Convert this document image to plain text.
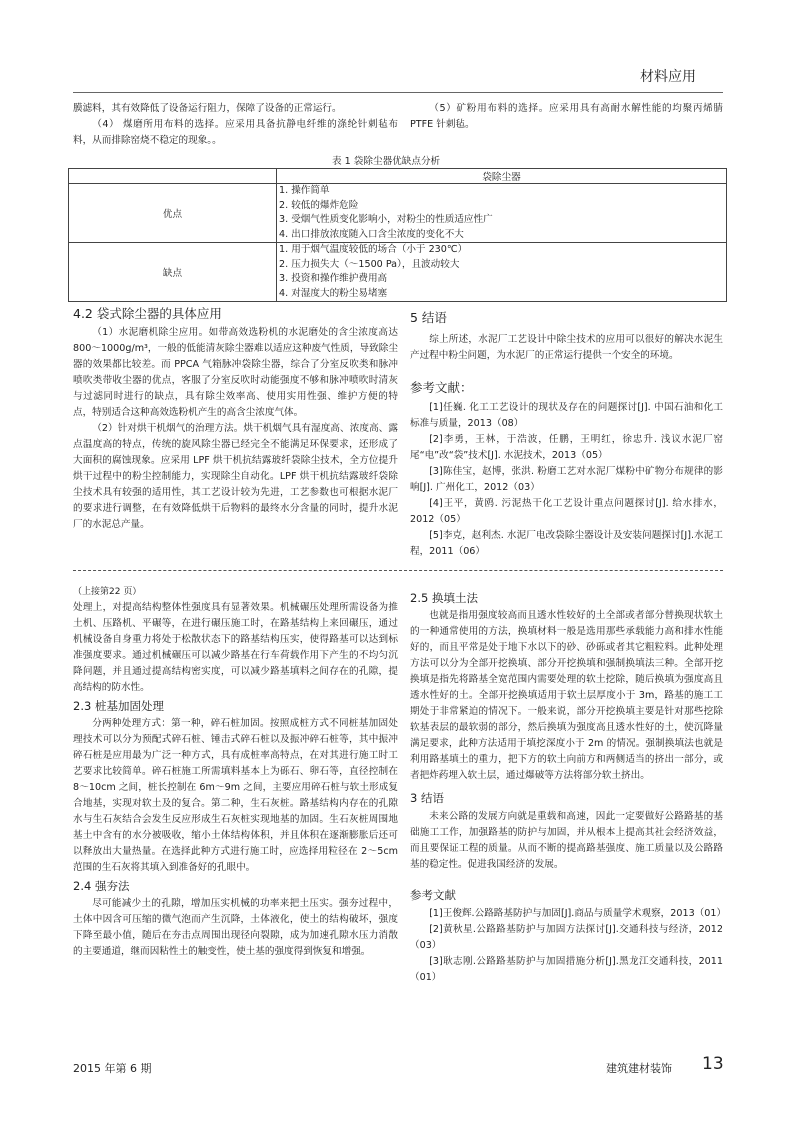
材料应用

膜滤料，其有效降低了设备运行阻力，保障了设备的正常运行。

（4） 煤磨所用布料的选择。应采用具备抗静电纤维的涤纶针刺毡布料，从而排除窑烧不稳定的现象。。

（5）矿粉用布料的选择。应采用具有高耐水解性能的均聚丙烯腈 PTFE 针刺毡。

表 1 袋除尘器优缺点分析
	袋除尘器
优点	1. 操作简单
2. 较低的爆炸危险
3. 受烟气性质变化影响小，对粉尘的性质适应性广
4. 出口排放浓度随入口含尘浓度的变化不大

缺点	1. 用于烟气温度较低的场合（小于 230℃）
2. 压力损失大（～1500 Pa），且波动较大
3. 投资和操作维护费用高
4. 对湿度大的粉尘易堵塞

4.2 袋式除尘器的具体应用

（1）水泥磨机除尘应用。如带高效选粉机的水泥磨处的含尘浓度高达 800～1000g/m³，一般的低能清灰除尘器难以适应这种废气性质，导致除尘器的效果都比较差。而 PPCA 气箱脉冲袋除尘器，综合了分室反吹类和脉冲喷吹类带收尘器的优点，客服了分室反吹时动能强度不够和脉冲喷吹时清灰与过滤同时进行的缺点，具有除尘效率高、使用实用性强、维护方便的特点，特别适合这种高效选粉机产生的高含尘浓度气体。

（2）针对烘干机烟气的治理方法。烘干机烟气具有湿度高、浓度高、露点温度高的特点，传统的旋风除尘器已经完全不能满足环保要求，还形成了大面积的腐蚀现象。应采用 LPF 烘干机抗结露玻纤袋除尘技术，全方位提升烘干过程中的粉尘控制能力，实现除尘自动化。LPF 烘干机抗结露玻纤袋除尘技术具有较强的适用性，其工艺设计较为先进，工艺参数也可根据水泥厂的要求进行调整，在有效降低烘干后物料的最终水分含量的同时，提升水泥厂的水泥总产量。

5 结语

综上所述，水泥厂工艺设计中除尘技术的应用可以很好的解决水泥生产过程中粉尘问题，为水泥厂的正常运行提供一个安全的环境。

参考文献：

[1]任巍. 化工工艺设计的现状及存在的问题探讨[J]. 中国石油和化工标准与质量，2013（08）

[2]李勇，王林，于浩波，任鹏，王明红，徐忠升. 浅议水泥厂窑尾“电”改“袋”技术[J]. 水泥技术，2013（05）

[3]陈佳宝，赵博，张洪. 粉磨工艺对水泥厂煤粉中矿物分布规律的影响[J]. 广州化工，2012（03）

[4]王平，黄鸥. 污泥热干化工艺设计重点问题探讨[J]. 给水排水，2012（05）

[5]李克，赵利杰. 水泥厂电改袋除尘器设计及安装问题探讨[J].水泥工程，2011（06）

（上接第22 页）

处理上，对提高结构整体性强度具有显著效果。机械碾压处理所需设备为推土机、压路机、平碾等，在进行碾压施工时，在路基结构上来回碾压，通过机械设备自身重力将处于松散状态下的路基结构压实，使得路基可以达到标准强度要求。通过机械碾压可以减少路基在行车荷载作用下产生的不均匀沉降问题，并且通过提高结构密实度，可以减少路基填料之间存在的孔隙，提高结构的防水性。

2.3 桩基加固处理

分两种处理方式：第一种，碎石桩加固。按照成桩方式不同桩基加固处理技术可以分为预配式碎石桩、锤击式碎石桩以及振冲碎石桩等，其中振冲碎石桩是应用最为广泛一种方式，具有成桩率高特点，在对其进行施工时工艺要求比较简单。碎石桩施工所需填料基本上为砾石、卵石等，直径控制在 8～10cm 之间，桩长控制在 6m～9m 之间，主要应用碎石桩与软土形成复合地基，实现对软土及的复合。第二种，生石灰桩。路基结构内存在的孔隙水与生石灰结合会发生反应形成生石灰桩实现地基的加固。生石灰桩周围地基土中含有的水分被吸收，缩小土体结构体积，并且体积在逐渐膨胀后还可以释放出大量热量。在选择此种方式进行施工时，应选择用粒径在 2～5cm 范围的生石灰将其填入到准备好的孔眼中。

2.4 强夯法

尽可能减少土的孔隙，增加压实机械的功率来把土压实。强夯过程中，土体中因含可压缩的微气泡而产生沉降，土体液化，使土的结构破坏，强度下降至最小值，随后在夯击点周围出现径向裂隙，成为加速孔隙水压力消散的主要通道，继而因粘性土的触变性，使土基的强度得到恢复和增强。

2.5 换填土法

也就是指用强度较高而且透水性较好的土全部或者部分替换现状软土的一种通常使用的方法，换填材料一般是选用那些承载能力高和排水性能好的，而且平常是处于地下水以下的砂、砂砾或者其它粗粒料。此种处理方法可以分为全部开挖换填、部分开挖换填和强制换填法三种。全部开挖换填是指先将路基全宽范围内需要处理的软土挖除，随后换填为强度高且透水性好的土。全部开挖换填适用于软土层厚度小于 3m，路基的施工工期处于非常紧迫的情况下。一般来说，部分开挖换填主要是针对那些挖除软基表层的最软弱的部分，然后换填为强度高且透水性好的土，使沉降量满足要求，此种方法适用于填挖深度小于 2m 的情况。强制换填法也就是利用路基填土的重力，把下方的软土向前方和两侧适当的挤出一部分，或者把炸药埋入软土层，通过爆破等方法将部分软土挤出。

3 结语

未来公路的发展方向就是重载和高速，因此一定要做好公路路基的基础施工工作，加强路基的防护与加固，并从根本上提高其社会经济效益，而且要保证工程的质量。从而不断的提高路基强度、施工质量以及公路路基的稳定性。促进我国经济的发展。

参考文献

[1]王俊辉.公路路基防护与加固[J].商品与质量学术观察，2013（01）

[2]黄秋星.公路路基防护与加固方法探讨[J].交通科技与经济，2012（03）

[3]耿志刚.公路路基防护与加固措施分析[J].黑龙江交通科技，2011（01）

2015 年第 6 期	建筑建材装饰 13
